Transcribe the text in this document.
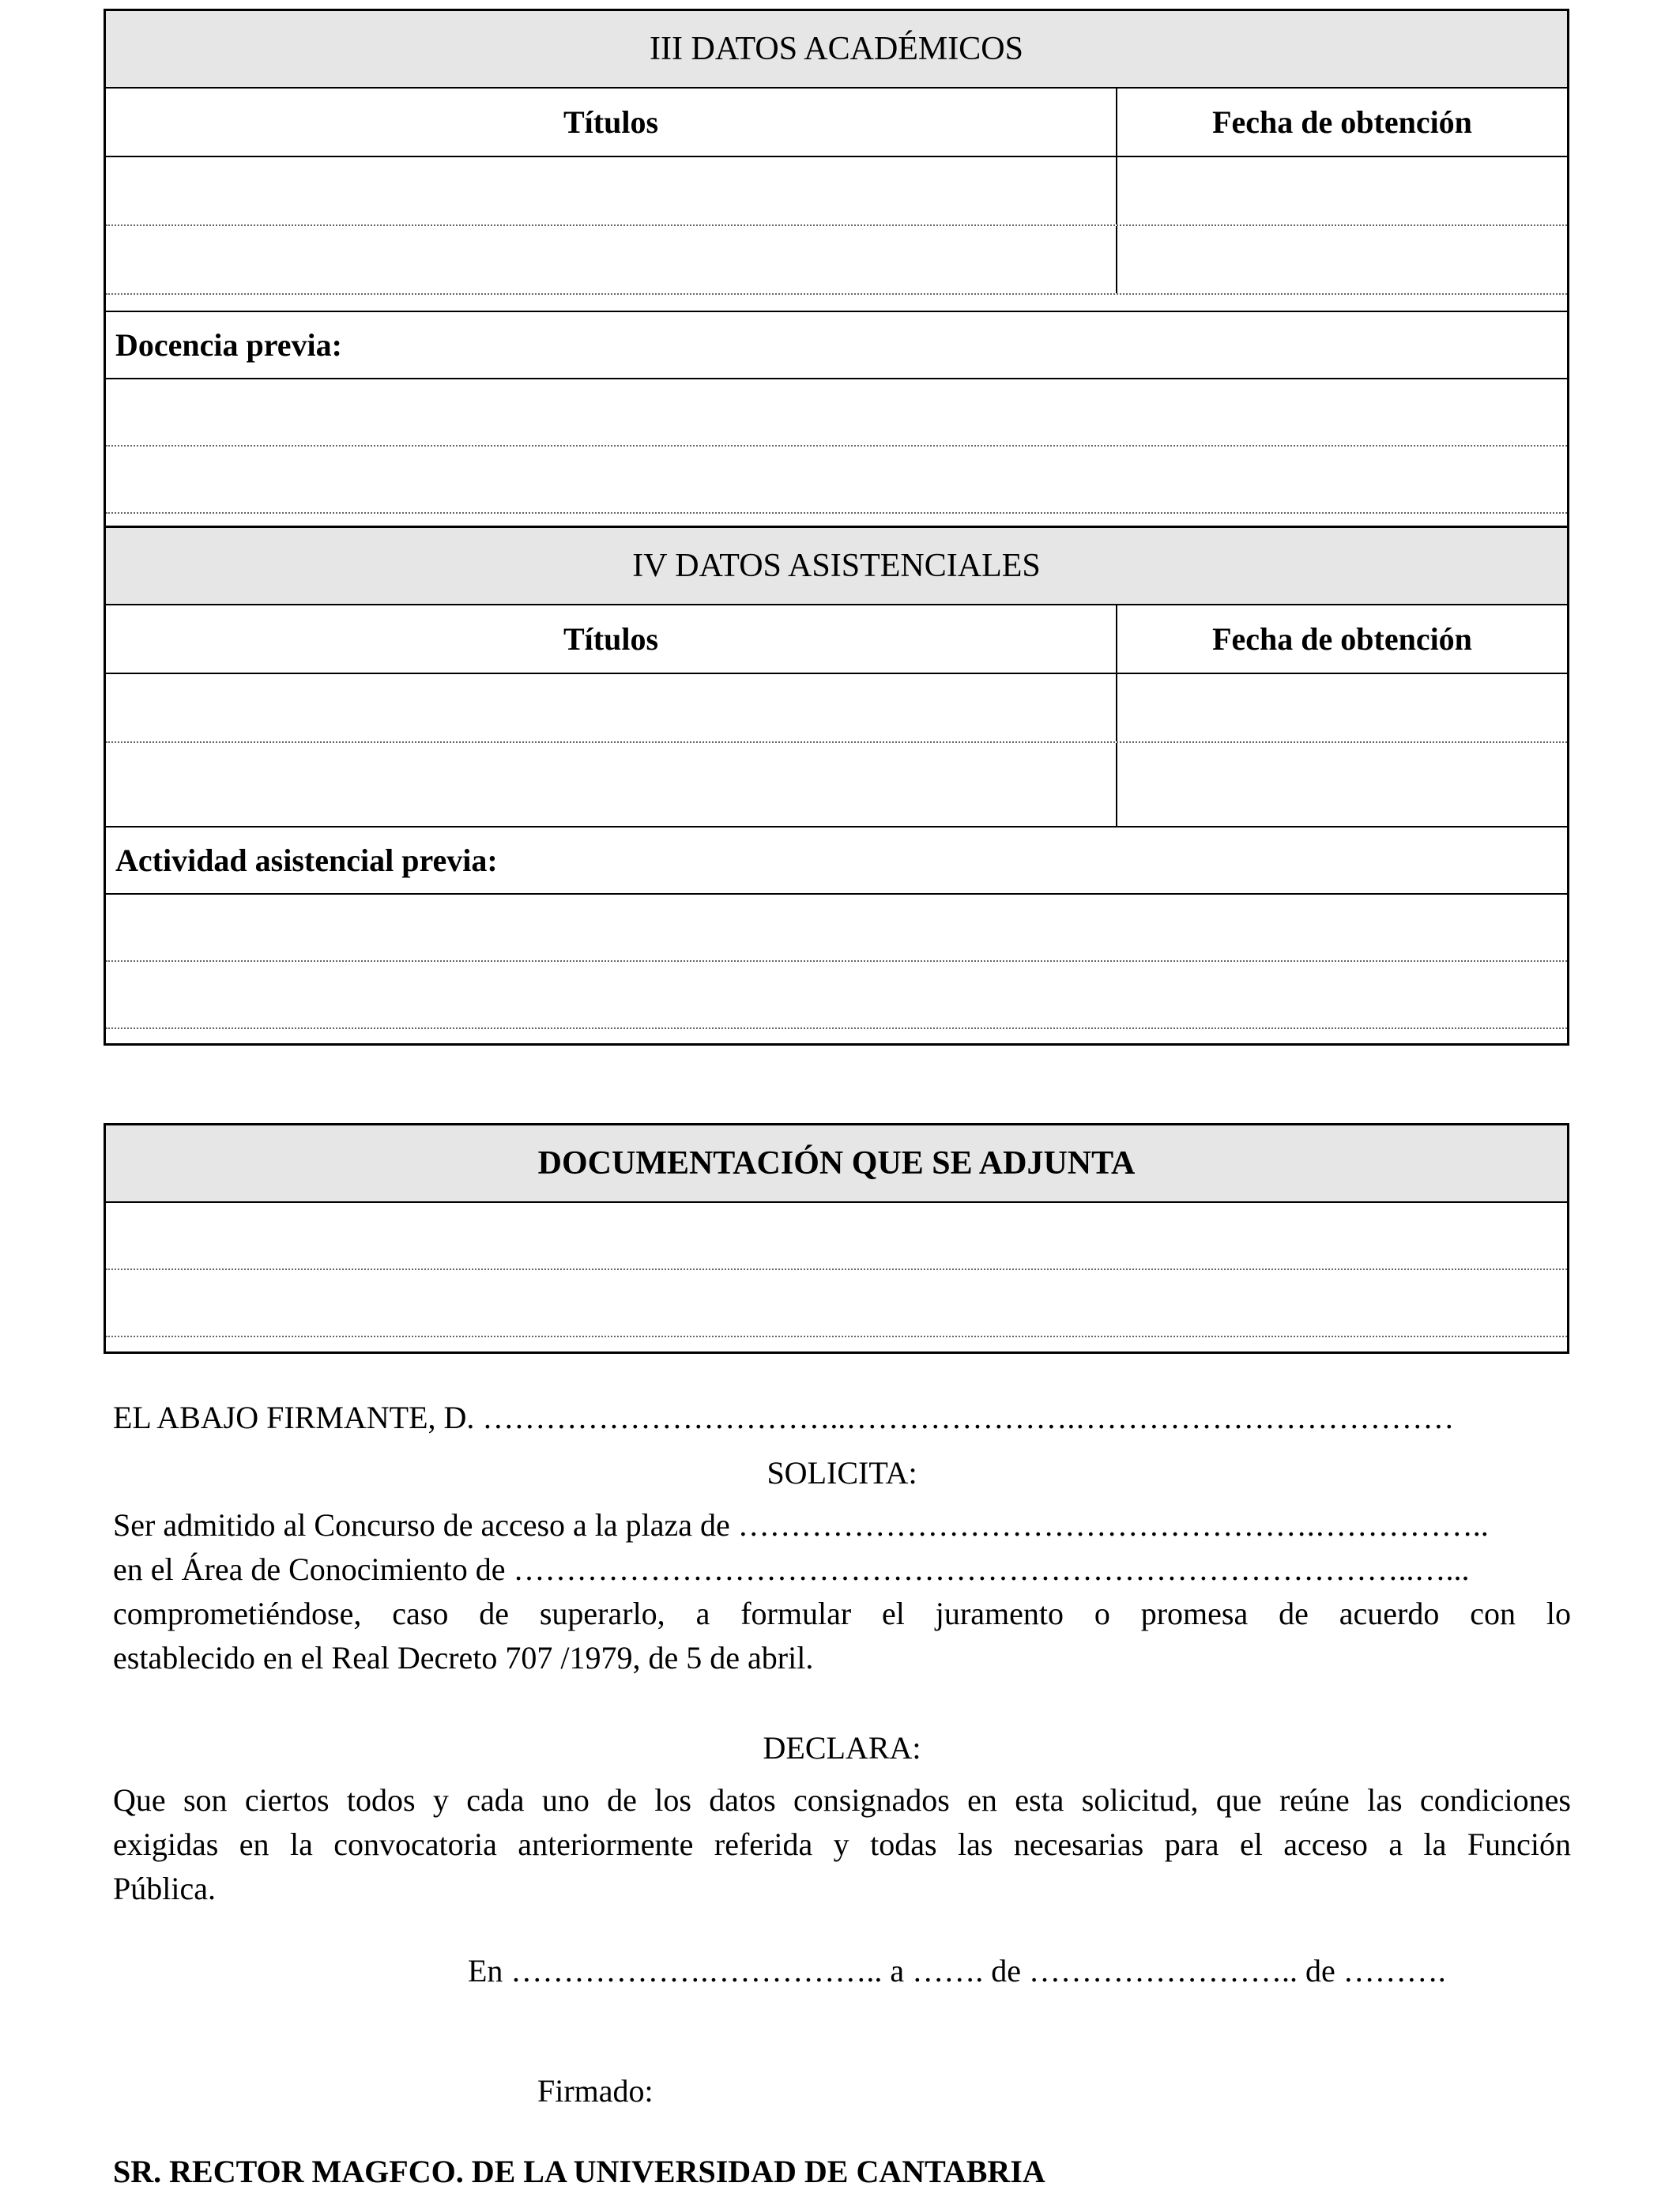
III DATOS ACADÉMICOS
Títulos	Fecha de obtención
Docencia previa:
IV DATOS ASISTENCIALES
Títulos	Fecha de obtención
Actividad asistencial previa:
DOCUMENTACIÓN QUE SE ADJUNTA
EL ABAJO FIRMANTE, D. ……………………………..………………….………………………………
SOLICITA:
Ser admitido al Concurso de acceso a la plaza de ……………………………………………….……………..
en el Área de Conocimiento de …………………………………………………………………………..…...
comprometiéndose, caso de superarlo, a formular el juramento o promesa de acuerdo con lo
establecido en el Real Decreto 707 /1979, de 5 de abril.
DECLARA:
Que son ciertos todos y cada uno de los datos consignados en esta solicitud, que reúne las condiciones
exigidas en la convocatoria anteriormente referida y todas las necesarias para el acceso a la Función
Pública.
En ……………….…………….. a ……. de …………………….. de ……….
Firmado:
SR. RECTOR MAGFCO. DE LA UNIVERSIDAD DE CANTABRIA
